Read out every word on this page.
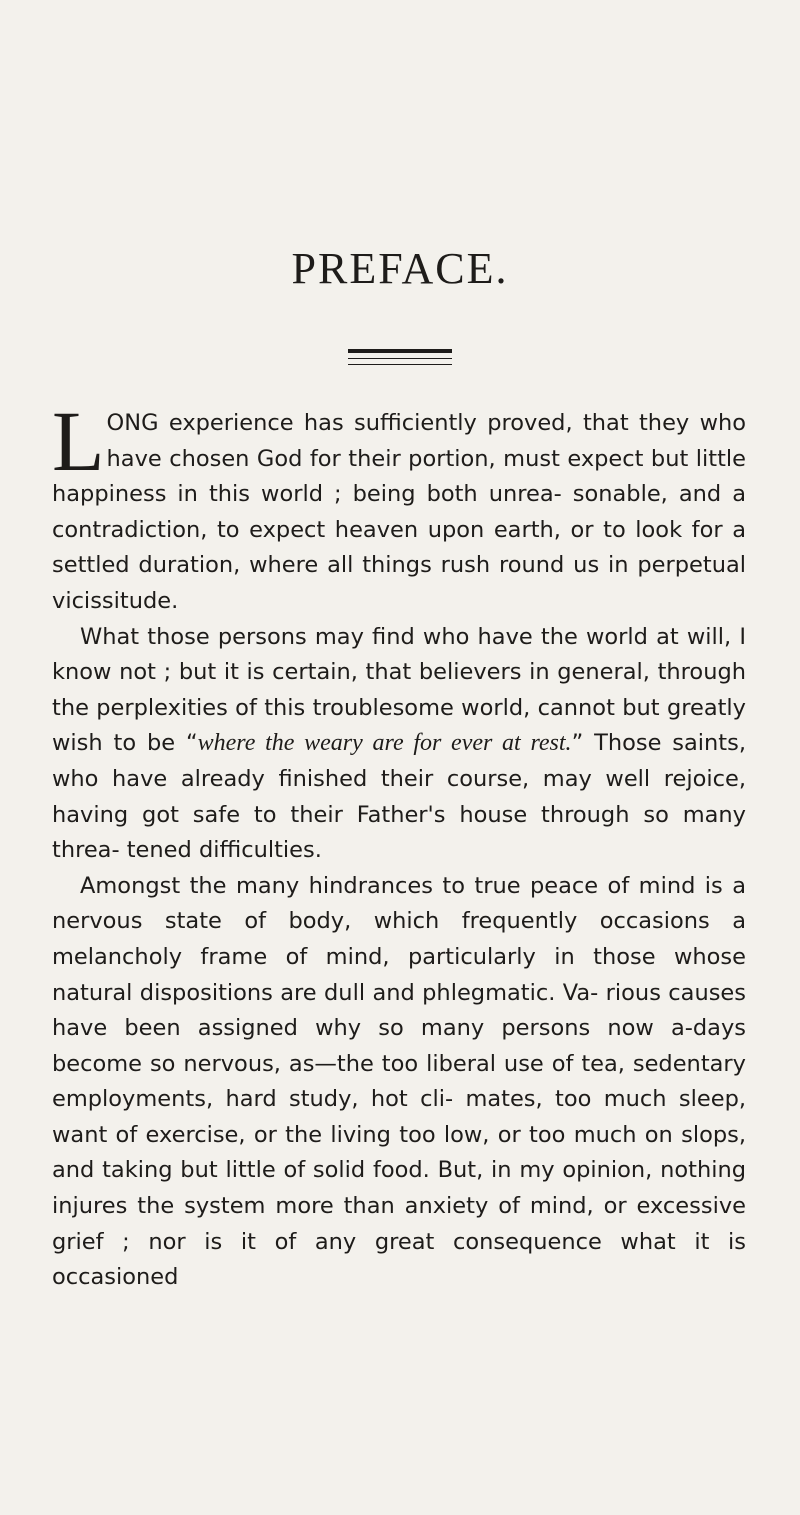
PREFACE.

LONG experience has sufficiently proved, that they who have chosen God for their portion, must expect but little happiness in this world ; being both unrea- sonable, and a contradiction, to expect heaven upon earth, or to look for a settled duration, where all things rush round us in perpetual vicissitude.

What those persons may find who have the world at will, I know not ; but it is certain, that believers in general, through the perplexities of this troublesome world, cannot but greatly wish to be “where the weary are for ever at rest.” Those saints, who have already finished their course, may well rejoice, having got safe to their Father's house through so many threa- tened difficulties.

Amongst the many hindrances to true peace of mind is a nervous state of body, which frequently occasions a melancholy frame of mind, particularly in those whose natural dispositions are dull and phlegmatic. Va- rious causes have been assigned why so many persons now a-days become so nervous, as—the too liberal use of tea, sedentary employments, hard study, hot cli- mates, too much sleep, want of exercise, or the living too low, or too much on slops, and taking but little of solid food. But, in my opinion, nothing injures the system more than anxiety of mind, or excessive grief ; nor is it of any great consequence what it is occasioned
